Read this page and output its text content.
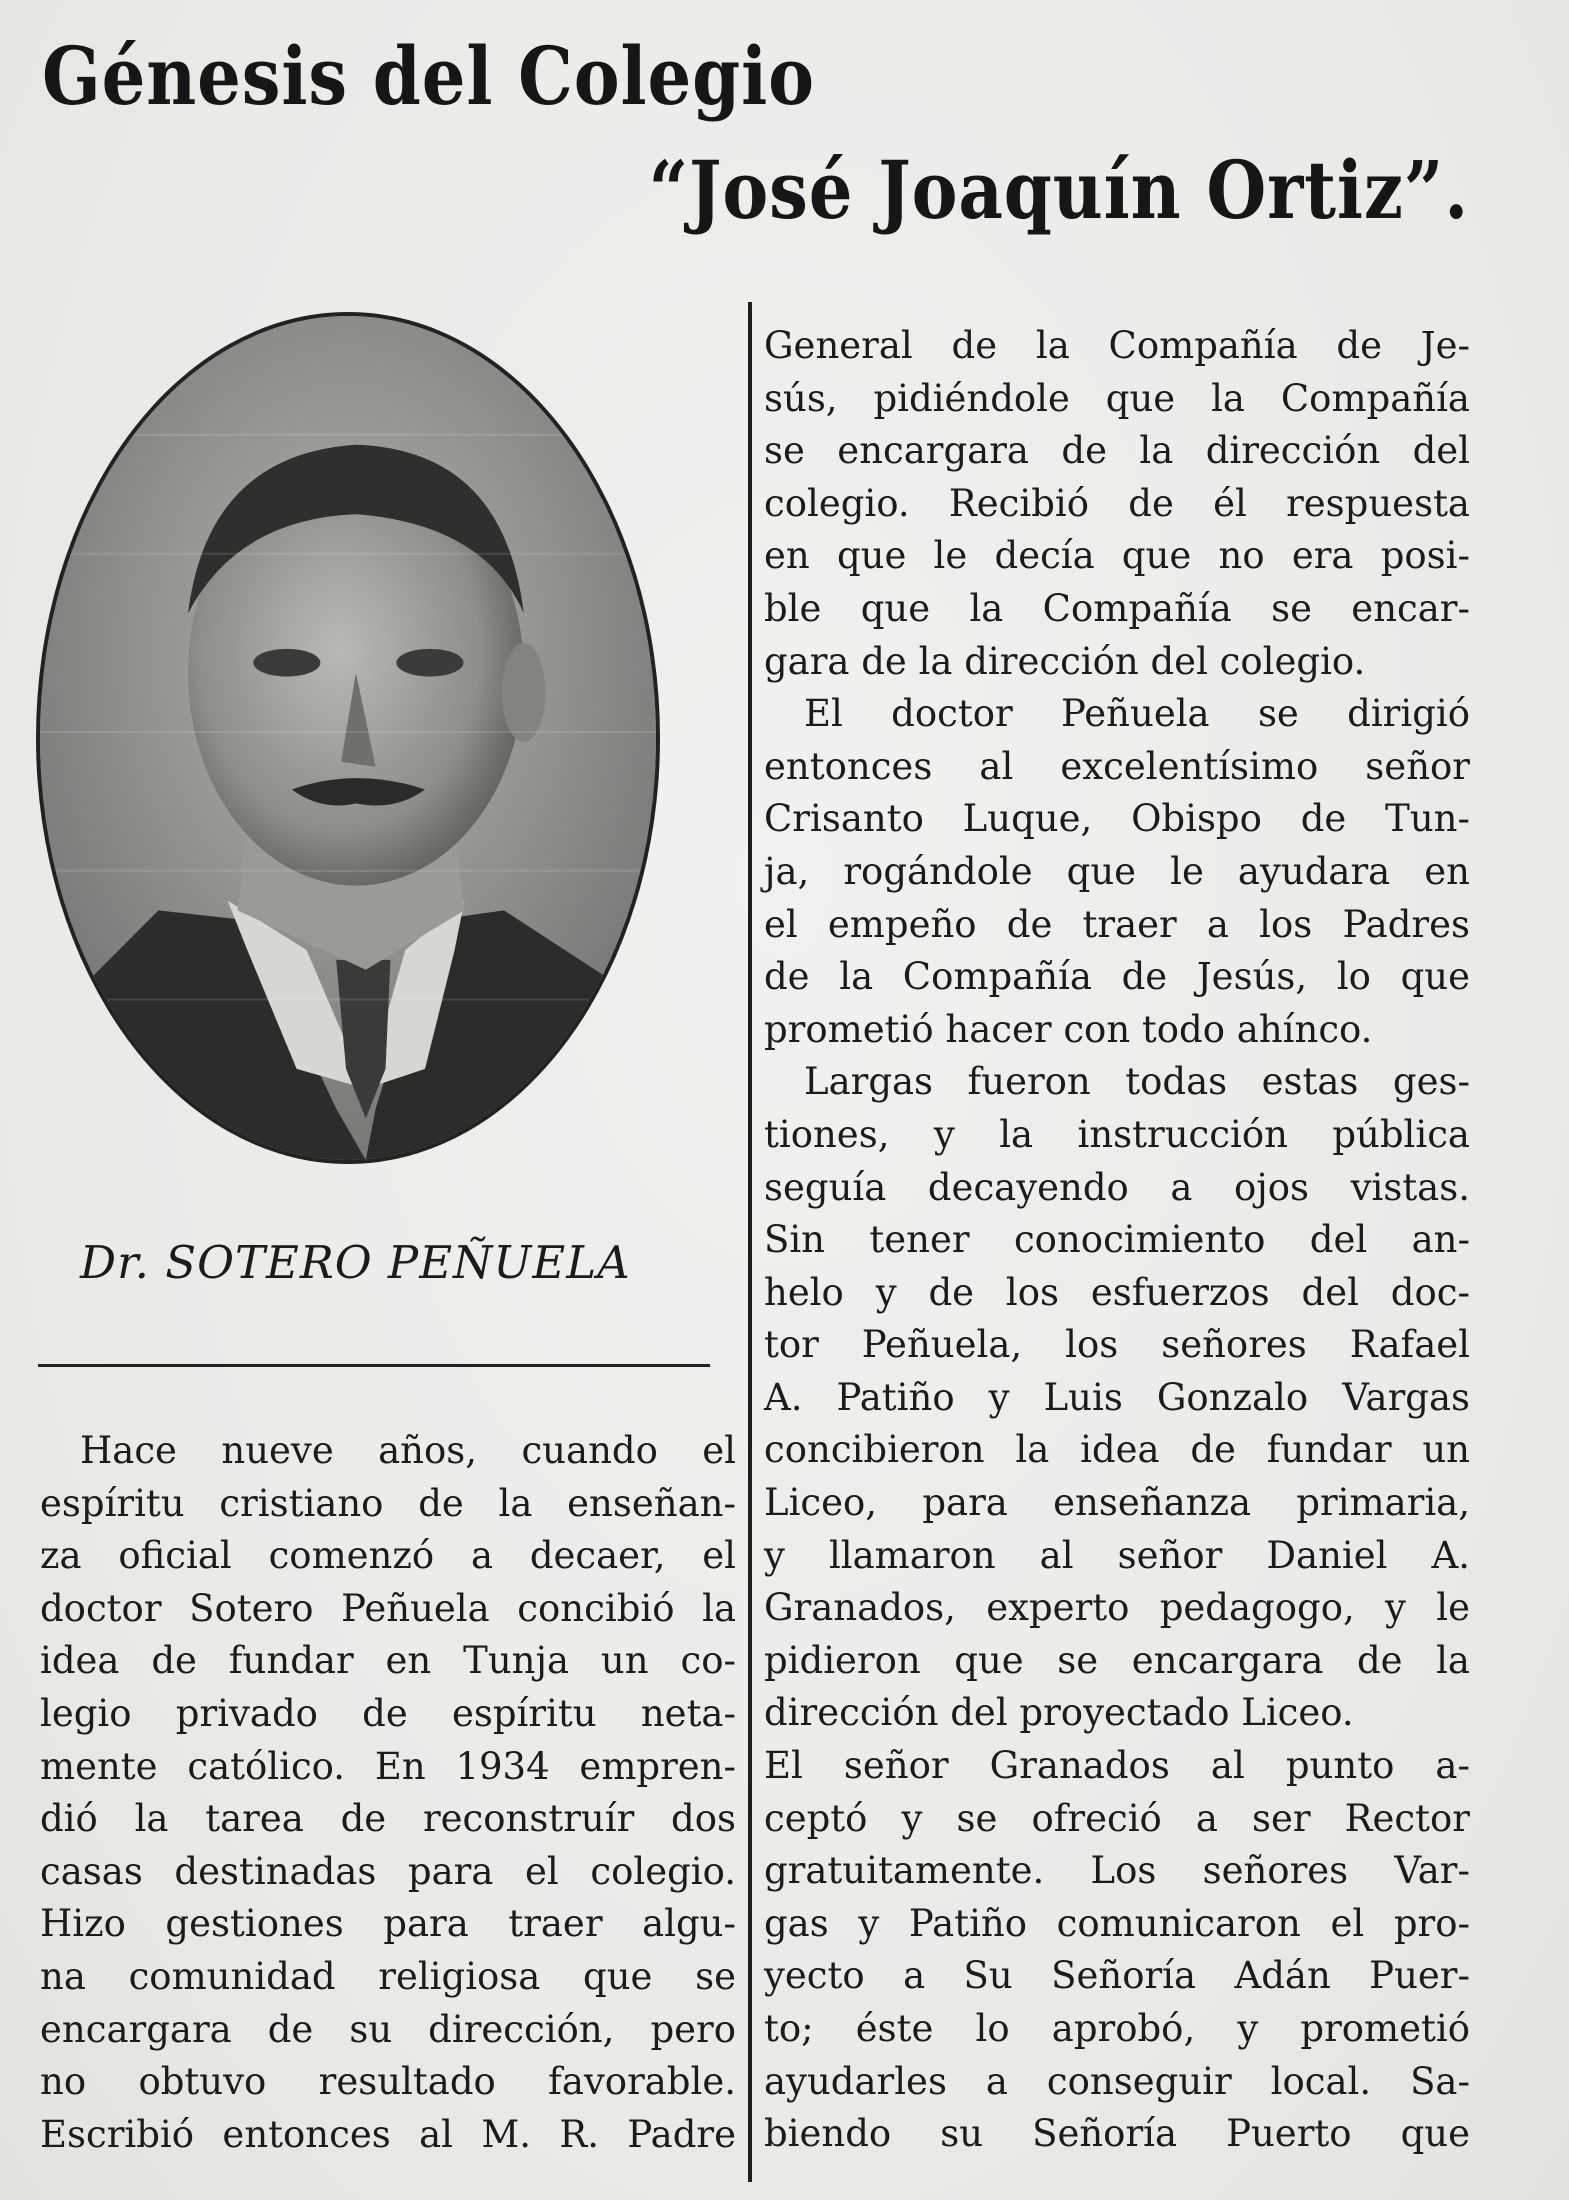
Génesis del Colegio
“José Joaquín Ortiz”.
Dr. SOTERO PEÑUELA
Hace nueve años, cuando el
espíritu cristiano de la enseñan-
za oficial comenzó a decaer, el
doctor Sotero Peñuela concibió la
idea de fundar en Tunja un co-
legio privado de espíritu neta-
mente católico. En 1934 empren-
dió la tarea de reconstruír dos
casas destinadas para el colegio.
Hizo gestiones para traer algu-
na comunidad religiosa que se
encargara de su dirección, pero
no obtuvo resultado favorable.
Escribió entonces al M. R. Padre
General de la Compañía de Je-
sús, pidiéndole que la Compañía
se encargara de la dirección del
colegio. Recibió de él respuesta
en que le decía que no era posi-
ble que la Compañía se encar-
gara de la dirección del colegio.
El doctor Peñuela se dirigió
entonces al excelentísimo señor
Crisanto Luque, Obispo de Tun-
ja, rogándole que le ayudara en
el empeño de traer a los Padres
de la Compañía de Jesús, lo que
prometió hacer con todo ahínco.
Largas fueron todas estas ges-
tiones, y la instrucción pública
seguía decayendo a ojos vistas.
Sin tener conocimiento del an-
helo y de los esfuerzos del doc-
tor Peñuela, los señores Rafael
A. Patiño y Luis Gonzalo Vargas
concibieron la idea de fundar un
Liceo, para enseñanza primaria,
y llamaron al señor Daniel A.
Granados, experto pedagogo, y le
pidieron que se encargara de la
dirección del proyectado Liceo.
El señor Granados al punto a-
ceptó y se ofreció a ser Rector
gratuitamente. Los señores Var-
gas y Patiño comunicaron el pro-
yecto a Su Señoría Adán Puer-
to; éste lo aprobó, y prometió
ayudarles a conseguir local. Sa-
biendo su Señoría Puerto que
